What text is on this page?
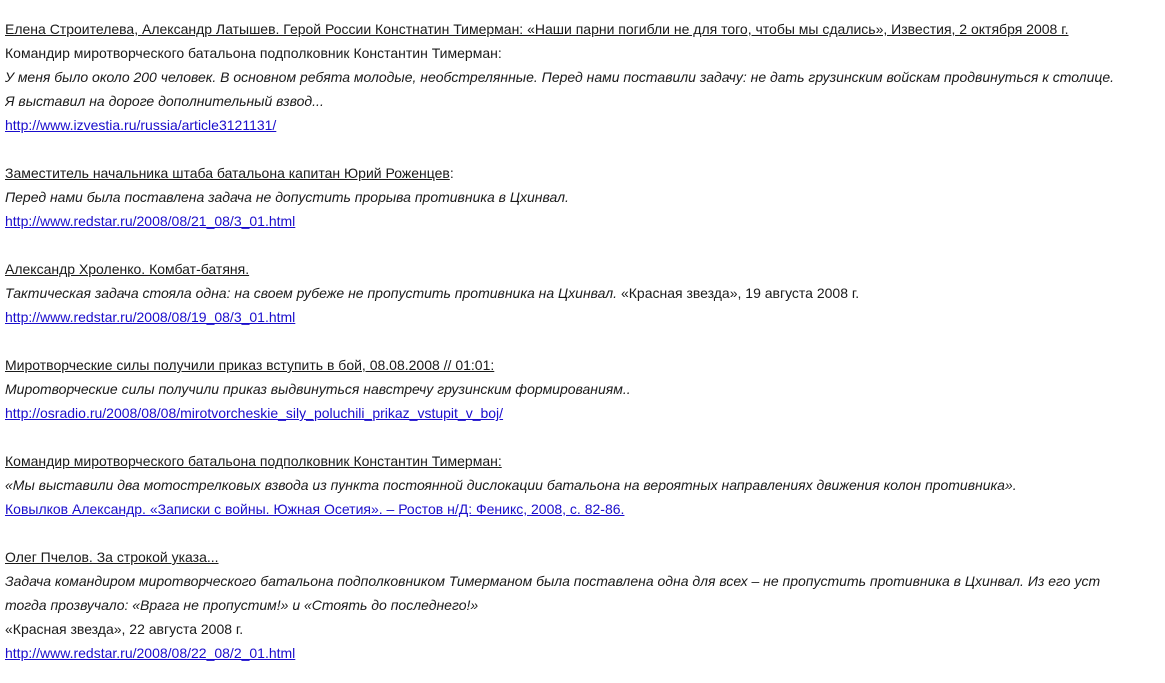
Елена Строителева, Александр Латышев. Герой России Констнатин Тимерман: «Наши парни погибли не для того, чтобы мы сдались», Известия, 2 октября 2008 г.
Командир миротворческого батальона подполковник Константин Тимерман:
У меня было около 200 человек. В основном ребята молодые, необстрелянные. Перед нами поставили задачу: не дать грузинским войскам продвинуться к столице.
Я выставил на дороге дополнительный взвод...
http://www.izvestia.ru/russia/article3121131/
Заместитель начальника штаба батальона капитан Юрий Роженцев:
Перед нами была поставлена задача не допустить прорыва противника в Цхинвал.
http://www.redstar.ru/2008/08/21_08/3_01.html
Александр Хроленко. Комбат-батяня.
Тактическая задача стояла одна: на своем рубеже не пропустить противника на Цхинвал. «Красная звезда», 19 августа 2008 г.
http://www.redstar.ru/2008/08/19_08/3_01.html
Миротворческие силы получили приказ вступить в бой, 08.08.2008 // 01:01:
Миротворческие силы получили приказ выдвинуться навстречу грузинским формированиям..
http://osradio.ru/2008/08/08/mirotvorcheskie_sily_poluchili_prikaz_vstupit_v_boj/
Командир миротворческого батальона подполковник Константин Тимерман:
«Мы выставили два мотострелковых взвода из пункта постоянной дислокации батальона на вероятных направлениях движения колон противника».
Ковылков Александр. «Записки с войны. Южная Осетия». – Ростов н/Д: Феникс, 2008, с. 82-86.
Олег Пчелов. За строкой указа...
Задача командиром миротворческого батальона подполковником Тимерманом была поставлена одна для всех – не пропустить противника в Цхинвал. Из его уст
тогда прозвучало: «Врага не пропустим!» и «Стоять до последнего!»
«Красная звезда», 22 августа 2008 г.
http://www.redstar.ru/2008/08/22_08/2_01.html
